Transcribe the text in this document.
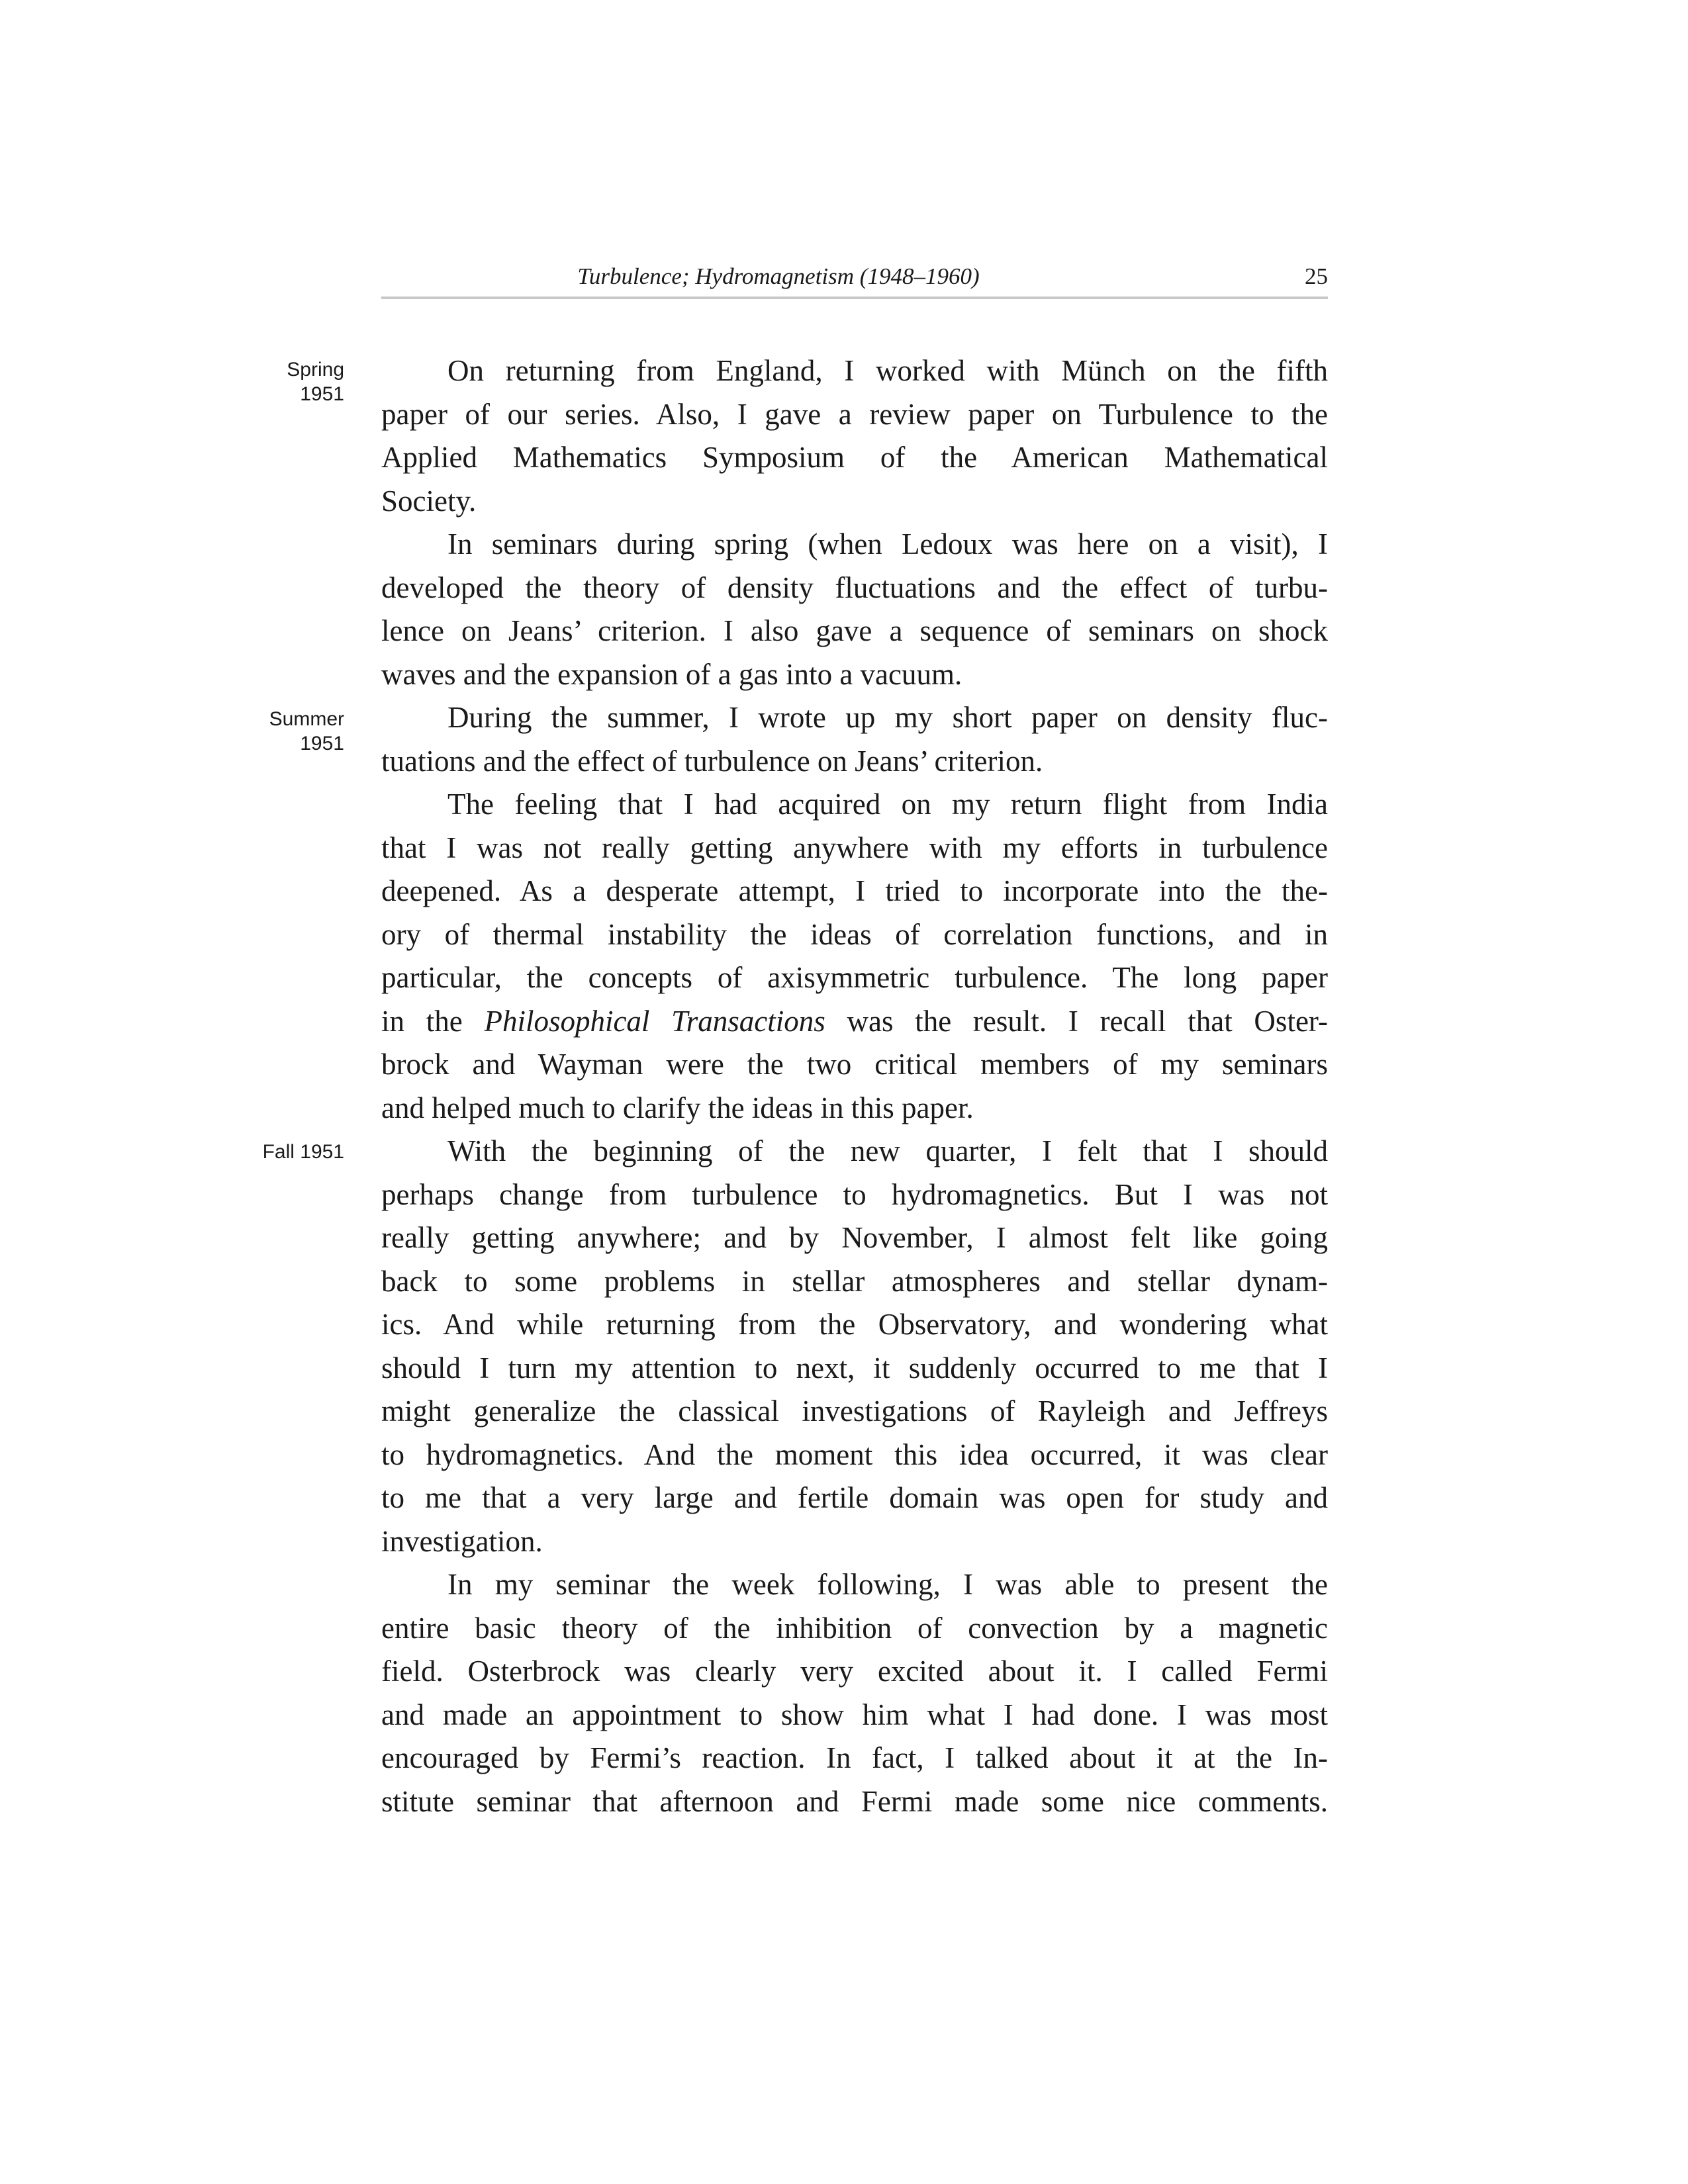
Turbulence; Hydromagnetism (1948–1960)	25
Spring
1951
Summer
1951
Fall 1951
On returning from England, I worked with Münch on the fifth
paper of our series. Also, I gave a review paper on Turbulence to the
Applied Mathematics Symposium of the American Mathematical
Society.
In seminars during spring (when Ledoux was here on a visit), I
developed the theory of density fluctuations and the effect of turbu-
lence on Jeans’ criterion. I also gave a sequence of seminars on shock
waves and the expansion of a gas into a vacuum.
During the summer, I wrote up my short paper on density fluc-
tuations and the effect of turbulence on Jeans’ criterion.
The feeling that I had acquired on my return flight from India
that I was not really getting anywhere with my efforts in turbulence
deepened. As a desperate attempt, I tried to incorporate into the the-
ory of thermal instability the ideas of correlation functions, and in
particular, the concepts of axisymmetric turbulence. The long paper
in the Philosophical Transactions was the result. I recall that Oster-
brock and Wayman were the two critical members of my seminars
and helped much to clarify the ideas in this paper.
With the beginning of the new quarter, I felt that I should
perhaps change from turbulence to hydromagnetics. But I was not
really getting anywhere; and by November, I almost felt like going
back to some problems in stellar atmospheres and stellar dynam-
ics. And while returning from the Observatory, and wondering what
should I turn my attention to next, it suddenly occurred to me that I
might generalize the classical investigations of Rayleigh and Jeffreys
to hydromagnetics. And the moment this idea occurred, it was clear
to me that a very large and fertile domain was open for study and
investigation.
In my seminar the week following, I was able to present the
entire basic theory of the inhibition of convection by a magnetic
field. Osterbrock was clearly very excited about it. I called Fermi
and made an appointment to show him what I had done. I was most
encouraged by Fermi’s reaction. In fact, I talked about it at the In-
stitute seminar that afternoon and Fermi made some nice comments.
